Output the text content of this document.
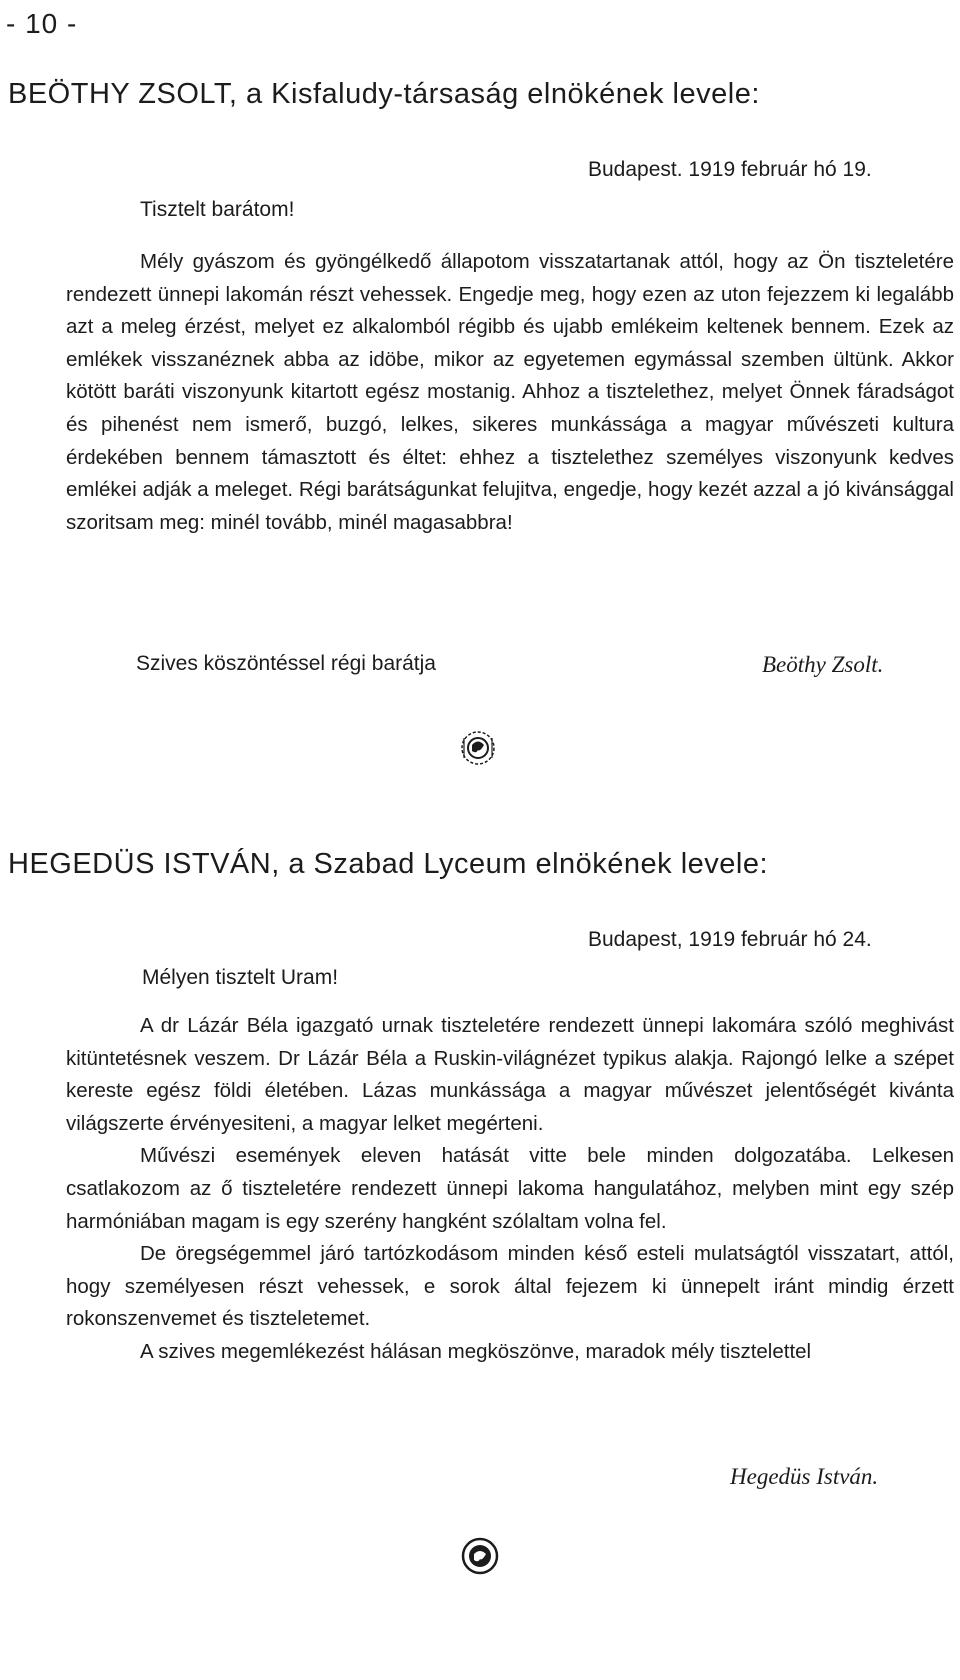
- 10 -
BEÖTHY ZSOLT, a Kisfaludy-társaság elnökének levele:
Budapest. 1919 február hó 19.
Tisztelt barátom!

Mély gyászom és gyöngélkedő állapotom visszatartanak attól, hogy az Ön tiszteletére rendezett ünnepi lakomán részt vehessek. Engedje meg, hogy ezen az uton fejezzem ki legalább azt a meleg érzést, melyet ez alkalomból régibb és ujabb emlékeim keltenek bennem. Ezek az emlékek visszanéznek abba az idöbe, mikor az egyetemen egymással szemben ültünk. Akkor kötött baráti viszonyunk kitartott egész mostanig. Ahhoz a tisztelethez, melyet Önnek fáradságot és pihenést nem ismerő, buzgó, lelkes, sikeres munkássága a magyar művészeti kultura érdekében bennem támasztott és éltet: ehhez a tisztelethez személyes viszonyunk kedves emlékei adják a meleget. Régi barátságunkat felujitva, engedje, hogy kezét azzal a jó kivánsággal szoritsam meg: minél tovább, minél magasabbra!

Szives köszöntéssel régi barátja	Beöthy Zsolt.
HEGEDÜS ISTVÁN, a Szabad Lyceum elnökének levele:
Budapest, 1919 február hó 24.
Mélyen tisztelt Uram!

A dr Lázár Béla igazgató urnak tiszteletére rendezett ünnepi lakomára szóló meghivást kitüntetésnek veszem. Dr Lázár Béla a Ruskin-világnézet typikus alakja. Rajongó lelke a szépet kereste egész földi életében. Lázas munkássága a magyar művészet jelentőségét kivánta világszerte érvényesiteni, a magyar lelket megérteni.

Művészi események eleven hatását vitte bele minden dolgozatába. Lelkesen csatlakozom az ő tiszteletére rendezett ünnepi lakoma hangulatához, melyben mint egy szép harmóniában magam is egy szerény hangként szólaltam volna fel.

De öregségemmel járó tartózkodásom minden késő esteli mulatságtól visszatart, attól, hogy személyesen részt vehessek, e sorok által fejezem ki ünnepelt iránt mindig érzett rokonszenvemet és tiszteletemet.

A szives megemlékezést hálásan megköszönve, maradok mély tisztelettel

Hegedüs István.
